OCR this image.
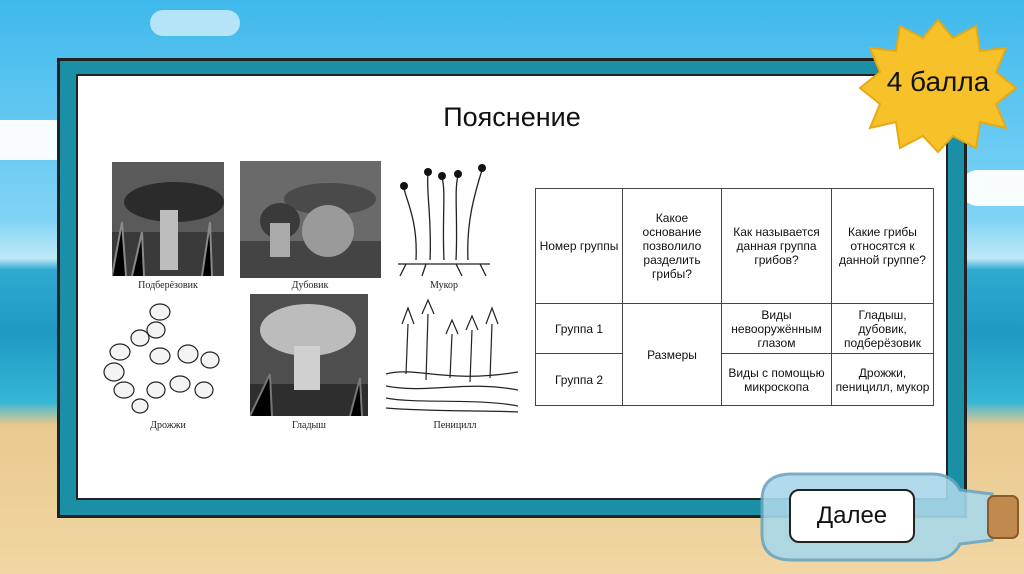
Пояснение
4 балла
Подберёзовик	Дубовик	Мукор
Дрожжи	Гладыш	Пеницилл
Номер группы	Какое основание позволило разделить грибы?	Как называется данная группа грибов?	Какие грибы относятся к данной группе?
Группа 1	Размеры	Виды невооружённым глазом	Гладыш, дубовик, подберёзовик
Группа 2		Виды с помощью микроскопа	Дрожжи, пеницилл, мукор
Далее
